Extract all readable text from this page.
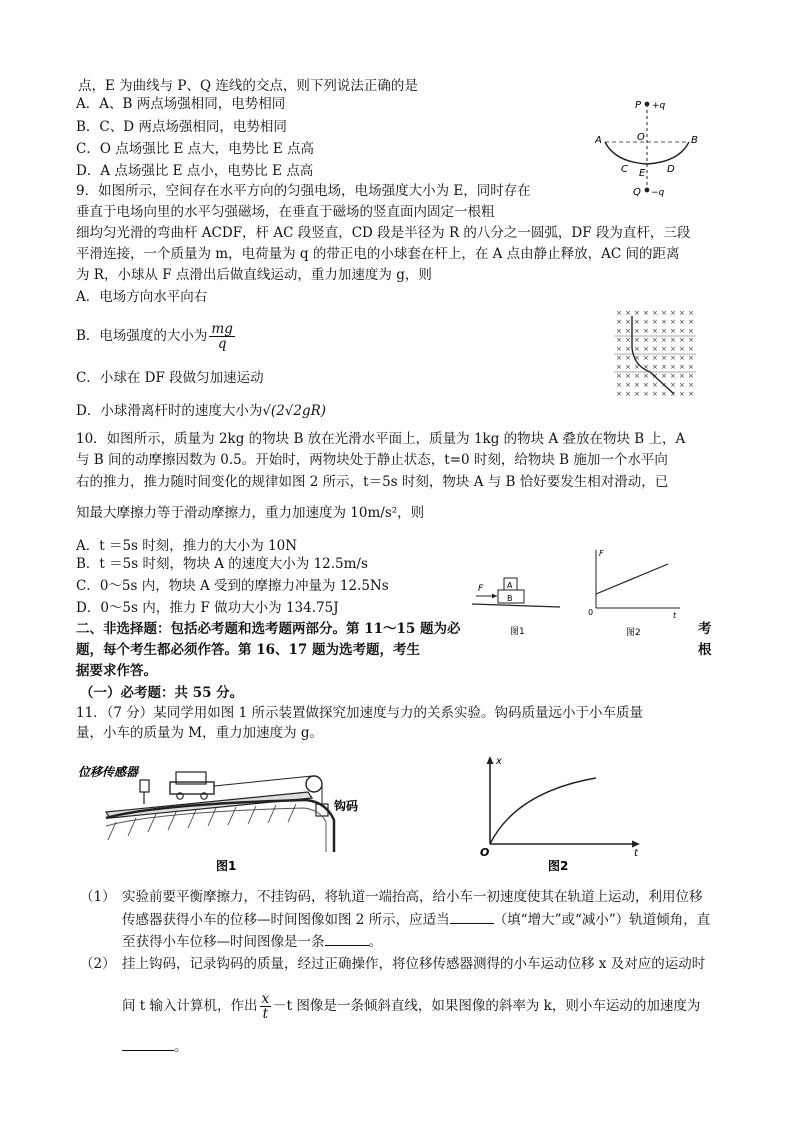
点，E 为曲线与 P、Q 连线的交点，则下列说法正确的是
A．A、B 两点场强相同，电势相同
B．C、D 两点场强相同，电势相同
C．O 点场强比 E 点大，电势比 E 点高
D．A 点场强比 E 点小，电势比 E 点高
P +q
Q −q
A	O	B
C E D
9．如图所示，空间存在水平方向的匀强电场，电场强度大小为 E，同时存在
垂直于电场向里的水平匀强磁场，在垂直于磁场的竖直面内固定一根粗
细均匀光滑的弯曲杆 ACDF，杆 AC 段竖直，CD 段是半径为 R 的八分之一圆弧，DF 段为直杆，三段
平滑连接，一个质量为 m，电荷量为 q 的带正电的小球套在杆上，在 A 点由静止释放，AC 间的距离
为 R，小球从 F 点滑出后做直线运动，重力加速度为 g，则
A．电场方向水平向右
B．电场强度的大小为 $\frac{mg}{q}$
C．小球在 DF 段做匀加速运动
D．小球滑离杆时的速度大小为√(2√2gR)
× × × × × × × × ×
× × × × × × × × ×
× × × × × × × × ×
× × × × × × × × ×
× × × × × × × × ×
× × × × × × × × ×
× × × × × × × × ×
× × × × × × × × ×
× × × × × × × × ×
× × × × × × × × ×
10．如图所示，质量为 2kg 的物块 B 放在光滑水平面上，质量为 1kg 的物块 A 叠放在物块 B 上，A
与 B 间的动摩擦因数为 0.5。开始时，两物块处于静止状态，t=0 时刻，给物块 B 施加一个水平向
右的推力，推力随时间变化的规律如图 2 所示，t＝5s 时刻，物块 A 与 B 恰好要发生相对滑动，已
知最大摩擦力等于滑动摩擦力，重力加速度为 10m/s²，则
A．t ＝5s 时刻，推力的大小为 10N
B．t ＝5s 时刻，物块 A 的速度大小为 12.5m/s
C．0～5s 内，物块 A 受到的摩擦力冲量为 12.5Ns
D．0～5s 内，推力 F 做功大小为 134.75J
F	A
B
图1
F
t
0
图2
二、非选择题：包括必考题和选考题两部分。第 11～15 题为必	考
题，每个考生都必须作答。第 16、17 题为选考题，考生	根
据要求作答。
（一）必考题：共 55 分。
11．（7 分）某同学用如图 1 所示装置做探究加速度与力的关系实验。钩码质量远小于小车质量
量，小车的质量为 M，重力加速度为 g。
位移传感器
钩码
图1
x
t
O
图2
（1） 实验前要平衡摩擦力，不挂钩码，将轨道一端抬高，给小车一初速度使其在轨道上运动，利用位移
传感器获得小车的位移—时间图像如图 2 所示，应适当	（填“增大”或“减小”）轨道倾角，直
至获得小车位移—时间图像是一条	。
（2） 挂上钩码，记录钩码的质量，经过正确操作，将位移传感器测得的小车运动位移 x 及对应的运动时
间 t 输入计算机，作出 $\frac{x}{t} -t$ 图像是一条倾斜直线，如果图像的斜率为 k，则小车运动的加速度为
。
